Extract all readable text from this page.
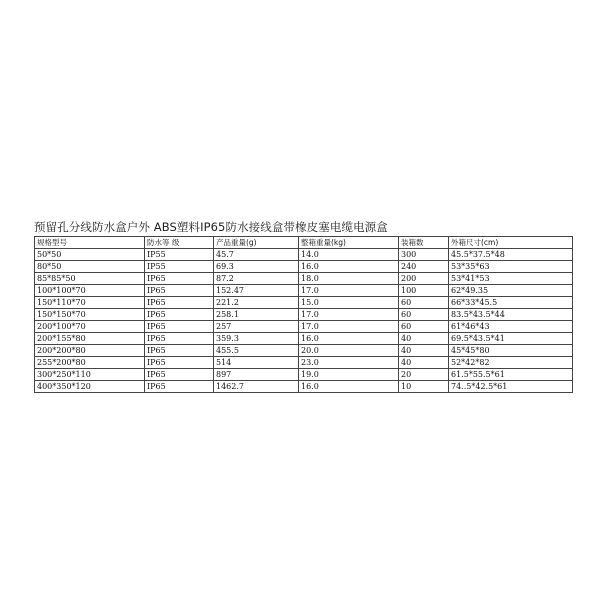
预留孔分线防水盒户外 ABS塑料IP65防水接线盒带橡皮塞电缆电源盒
规格型号	防水等 级	产品重量(g)	整箱重量(kg)	装箱数	外箱尺寸(cm)
50*50	IP55	45.7	14.0	300	45.5*37.5*48
80*50	IP55	69.3	16.0	240	53*35*63
85*85*50	IP65	87.2	18.0	200	53*41*53
100*100*70	IP65	152.47	17.0	100	62*49.35
150*110*70	IP65	221.2	15.0	60	66*33*45.5
150*150*70	IP65	258.1	17.0	60	83.5*43.5*44
200*100*70	IP65	257	17.0	60	61*46*43
200*155*80	IP65	359.3	16.0	40	69.5*43.5*41
200*200*80	IP65	455.5	20.0	40	45*45*80
255*200*80	IP65	514	23.0	40	52*42*82
300*250*110	IP65	897	19.0	20	61.5*55.5*61
400*350*120	IP65	1462.7	16.0	10	74..5*42.5*61
